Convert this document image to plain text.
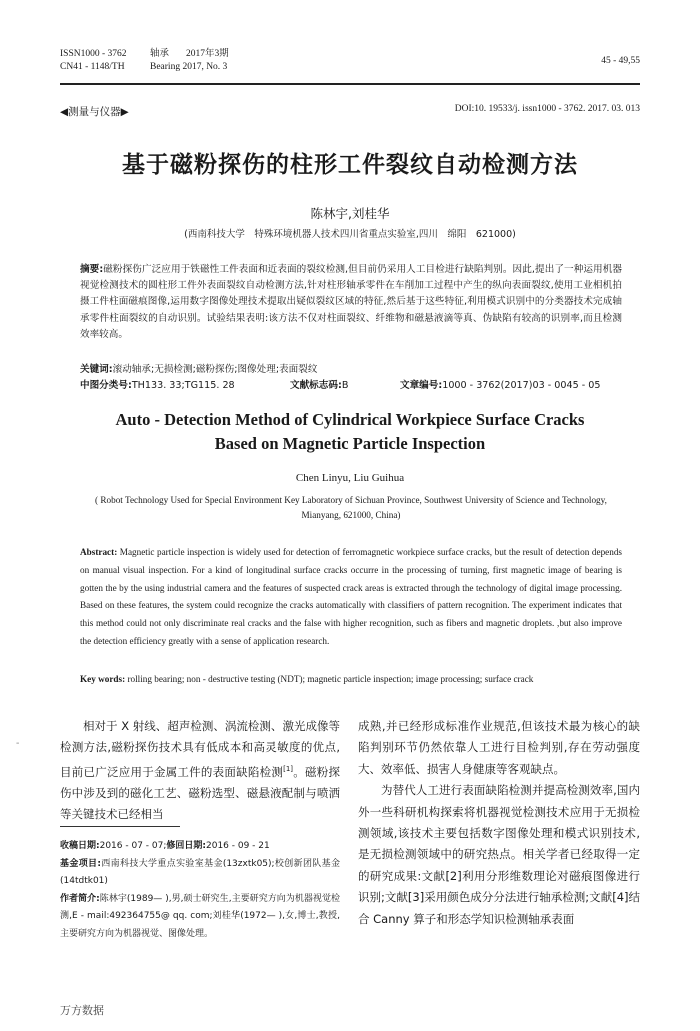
ISSN1000 - 3762 轴承 2017年3期
CN41 - 1148/TH	Bearing 2017, No. 3
45 - 49,55
◀测量与仪器▶	DOI:10. 19533/j. issn1000 - 3762. 2017. 03. 013
基于磁粉探伤的柱形工件裂纹自动检测方法
陈林宇,刘桂华
(西南科技大学　特殊环境机器人技术四川省重点实验室,四川　绵阳　621000)
摘要:磁粉探伤广泛应用于铁磁性工件表面和近表面的裂纹检测,但目前仍采用人工目检进行缺陷判别。因此,提出了一种运用机器视觉检测技术的圆柱形工件外表面裂纹自动检测方法,针对柱形轴承零件在车削加工过程中产生的纵向表面裂纹,使用工业相机拍摄工件柱面磁痕图像,运用数字图像处理技术提取出疑似裂纹区域的特征,然后基于这些特征,利用模式识别中的分类器技术完成轴承零件柱面裂纹的自动识别。试验结果表明:该方法不仅对柱面裂纹、纤维物和磁悬液滴等真、伪缺陷有较高的识别率,而且检测效率较高。
关键词:滚动轴承;无损检测;磁粉探伤;图像处理;表面裂纹
中图分类号:TH133. 33;TG115. 28	文献标志码:B	文章编号:1000 - 3762(2017)03 - 0045 - 05
Auto - Detection Method of Cylindrical Workpiece Surface Cracks
Based on Magnetic Particle Inspection
Chen Linyu, Liu Guihua
( Robot Technology Used for Special Environment Key Laboratory of Sichuan Province, Southwest University of Science and Technology, Mianyang, 621000, China)
Abstract: Magnetic particle inspection is widely used for detection of ferromagnetic workpiece surface cracks, but the result of detection depends on manual visual inspection. For a kind of longitudinal surface cracks occurre in the processing of turning, first magnetic image of bearing is gotten the by the using industrial camera and the features of suspected crack areas is extracted through the technology of digital image processing. Based on these features, the system could recognize the cracks automatically with classifiers of pattern recognition. The experiment indicates that this method could not only discriminate real cracks and the false with higher recognition, such as fibers and magnetic droplets. ,but also improve the detection efficiency greatly with a sense of application research.
Key words: rolling bearing; non - destructive testing (NDT); magnetic particle inspection; image processing; surface crack
-

相对于 X 射线、超声检测、涡流检测、激光成像等检测方法,磁粉探伤技术具有低成本和高灵敏度的优点,目前已广泛应用于金属工件的表面缺陷检测[1]。磁粉探伤中涉及到的磁化工艺、磁粉选型、磁悬液配制与喷洒等关键技术已经相当

收稿日期:2016 - 07 - 07;修回日期:2016 - 09 - 21
基金项目:西南科技大学重点实验室基金(13zxtk05);校创新团队基金(14tdtk01)
作者简介:陈林宇(1989— ),男,硕士研究生,主要研究方向为机器视觉检测,E - mail:492364755@ qq. com;刘桂华(1972— ),女,博士,教授,主要研究方向为机器视觉、图像处理。

成熟,并已经形成标准作业规范,但该技术最为核心的缺陷判别环节仍然依靠人工进行目检判别,存在劳动强度大、效率低、损害人身健康等客观缺点。

为替代人工进行表面缺陷检测并提高检测效率,国内外一些科研机构探索将机器视觉检测技术应用于无损检测领域,该技术主要包括数字图像处理和模式识别技术,是无损检测领域中的研究热点。相关学者已经取得一定的研究成果:文献[2]利用分形维数理论对磁痕图像进行识别;文献[3]采用颜色成分分法进行轴承检测;文献[4]结合 Canny 算子和形态学知识检测轴承表面

万方数据
